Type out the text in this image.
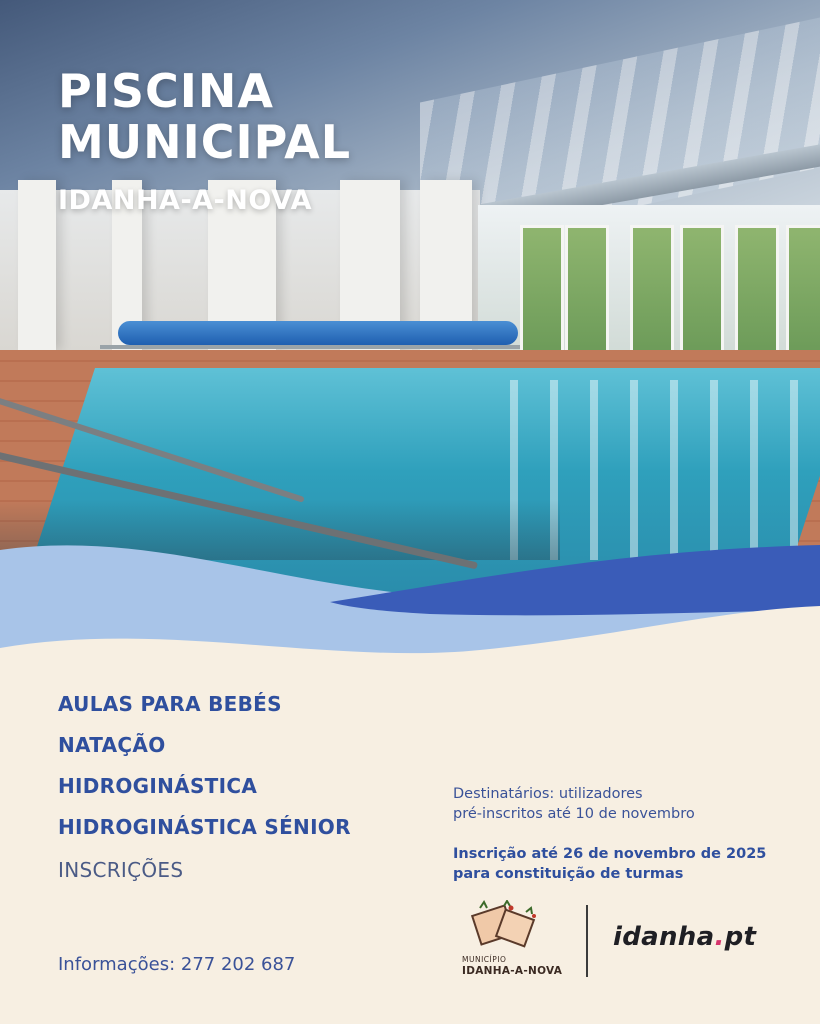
PISCINA
MUNICIPAL
IDANHA-A-NOVA
AULAS PARA BEBÉS
NATAÇÃO
HIDROGINÁSTICA
HIDROGINÁSTICA SÉNIOR
INSCRIÇÕES
Destinatários: utilizadores
pré-inscritos até 10 de novembro
Inscrição até 26 de novembro de 2025
para constituição de turmas
Informações: 277 202 687	MUNICÍPIO
IDANHA-A-NOVA
idanha.pt
